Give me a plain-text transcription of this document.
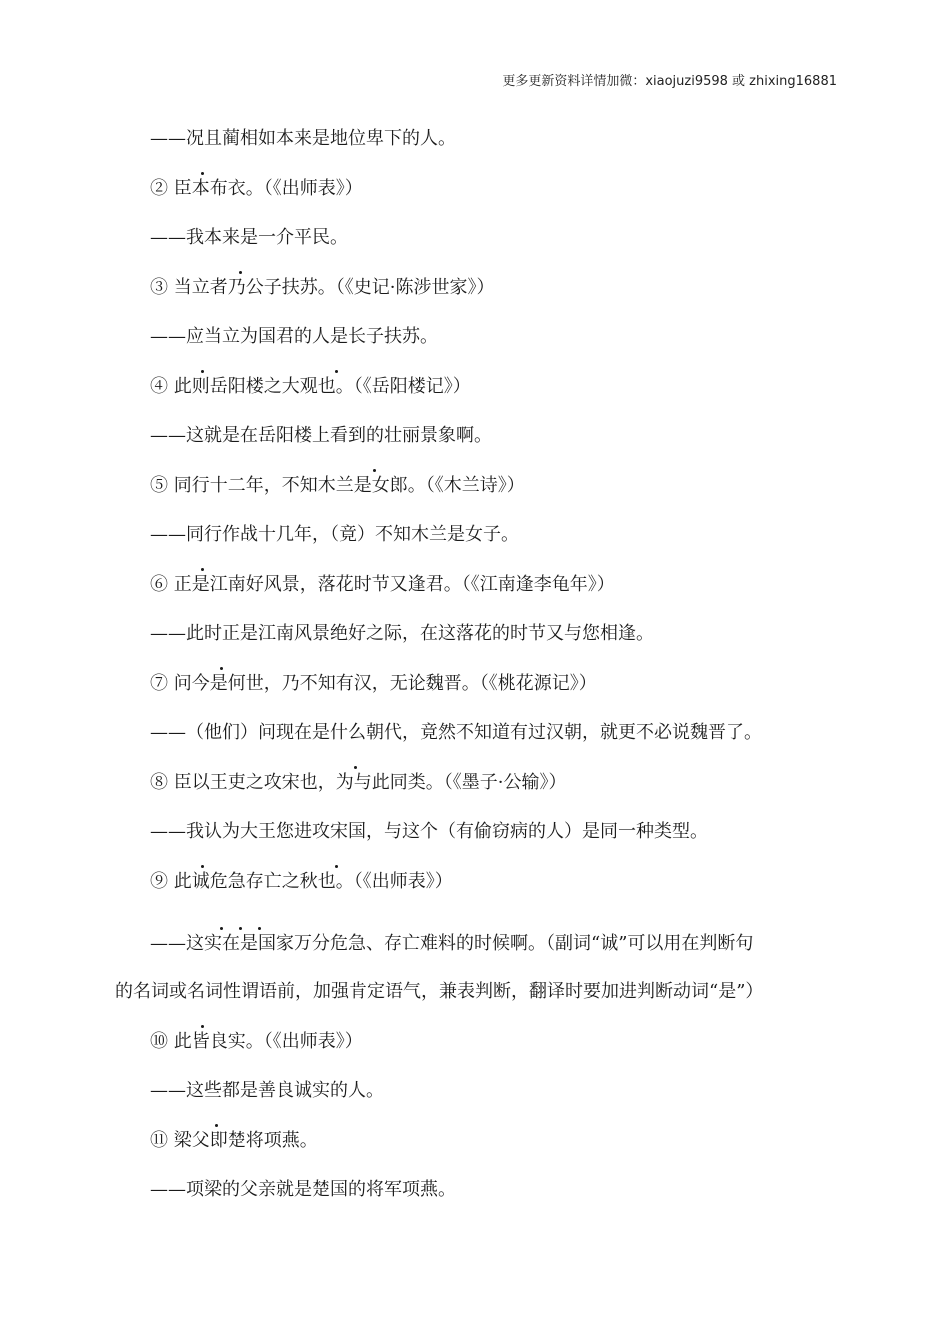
更多更新资料详情加微：xiaojuzi9598 或 zhixing16881
——况且蔺相如本来是地位卑下的人。
② 臣本布衣。（《出师表》）
——我本来是一介平民。
③ 当立者乃公子扶苏。（《史记·陈涉世家》）
——应当立为国君的人是长子扶苏。
④ 此则岳阳楼之大观也。（《岳阳楼记》）
——这就是在岳阳楼上看到的壮丽景象啊。
⑤ 同行十二年，不知木兰是女郎。（《木兰诗》）
——同行作战十几年，（竟）不知木兰是女子。
⑥ 正是江南好风景，落花时节又逢君。（《江南逢李龟年》）
——此时正是江南风景绝好之际，在这落花的时节又与您相逢。
⑦ 问今是何世，乃不知有汉，无论魏晋。（《桃花源记》）
——（他们）问现在是什么朝代，竟然不知道有过汉朝，就更不必说魏晋了。
⑧ 臣以王吏之攻宋也，为与此同类。（《墨子·公输》）
——我认为大王您进攻宋国，与这个（有偷窃病的人）是同一种类型。
⑨ 此诚危急存亡之秋也。（《出师表》）
——这实在是国家万分危急、存亡难料的时候啊。（副词“诚”可以用在判断句
的名词或名词性谓语前，加强肯定语气，兼表判断，翻译时要加进判断动词“是”）
⑩ 此皆良实。（《出师表》）
——这些都是善良诚实的人。
⑪ 梁父即楚将项燕。
——项梁的父亲就是楚国的将军项燕。
